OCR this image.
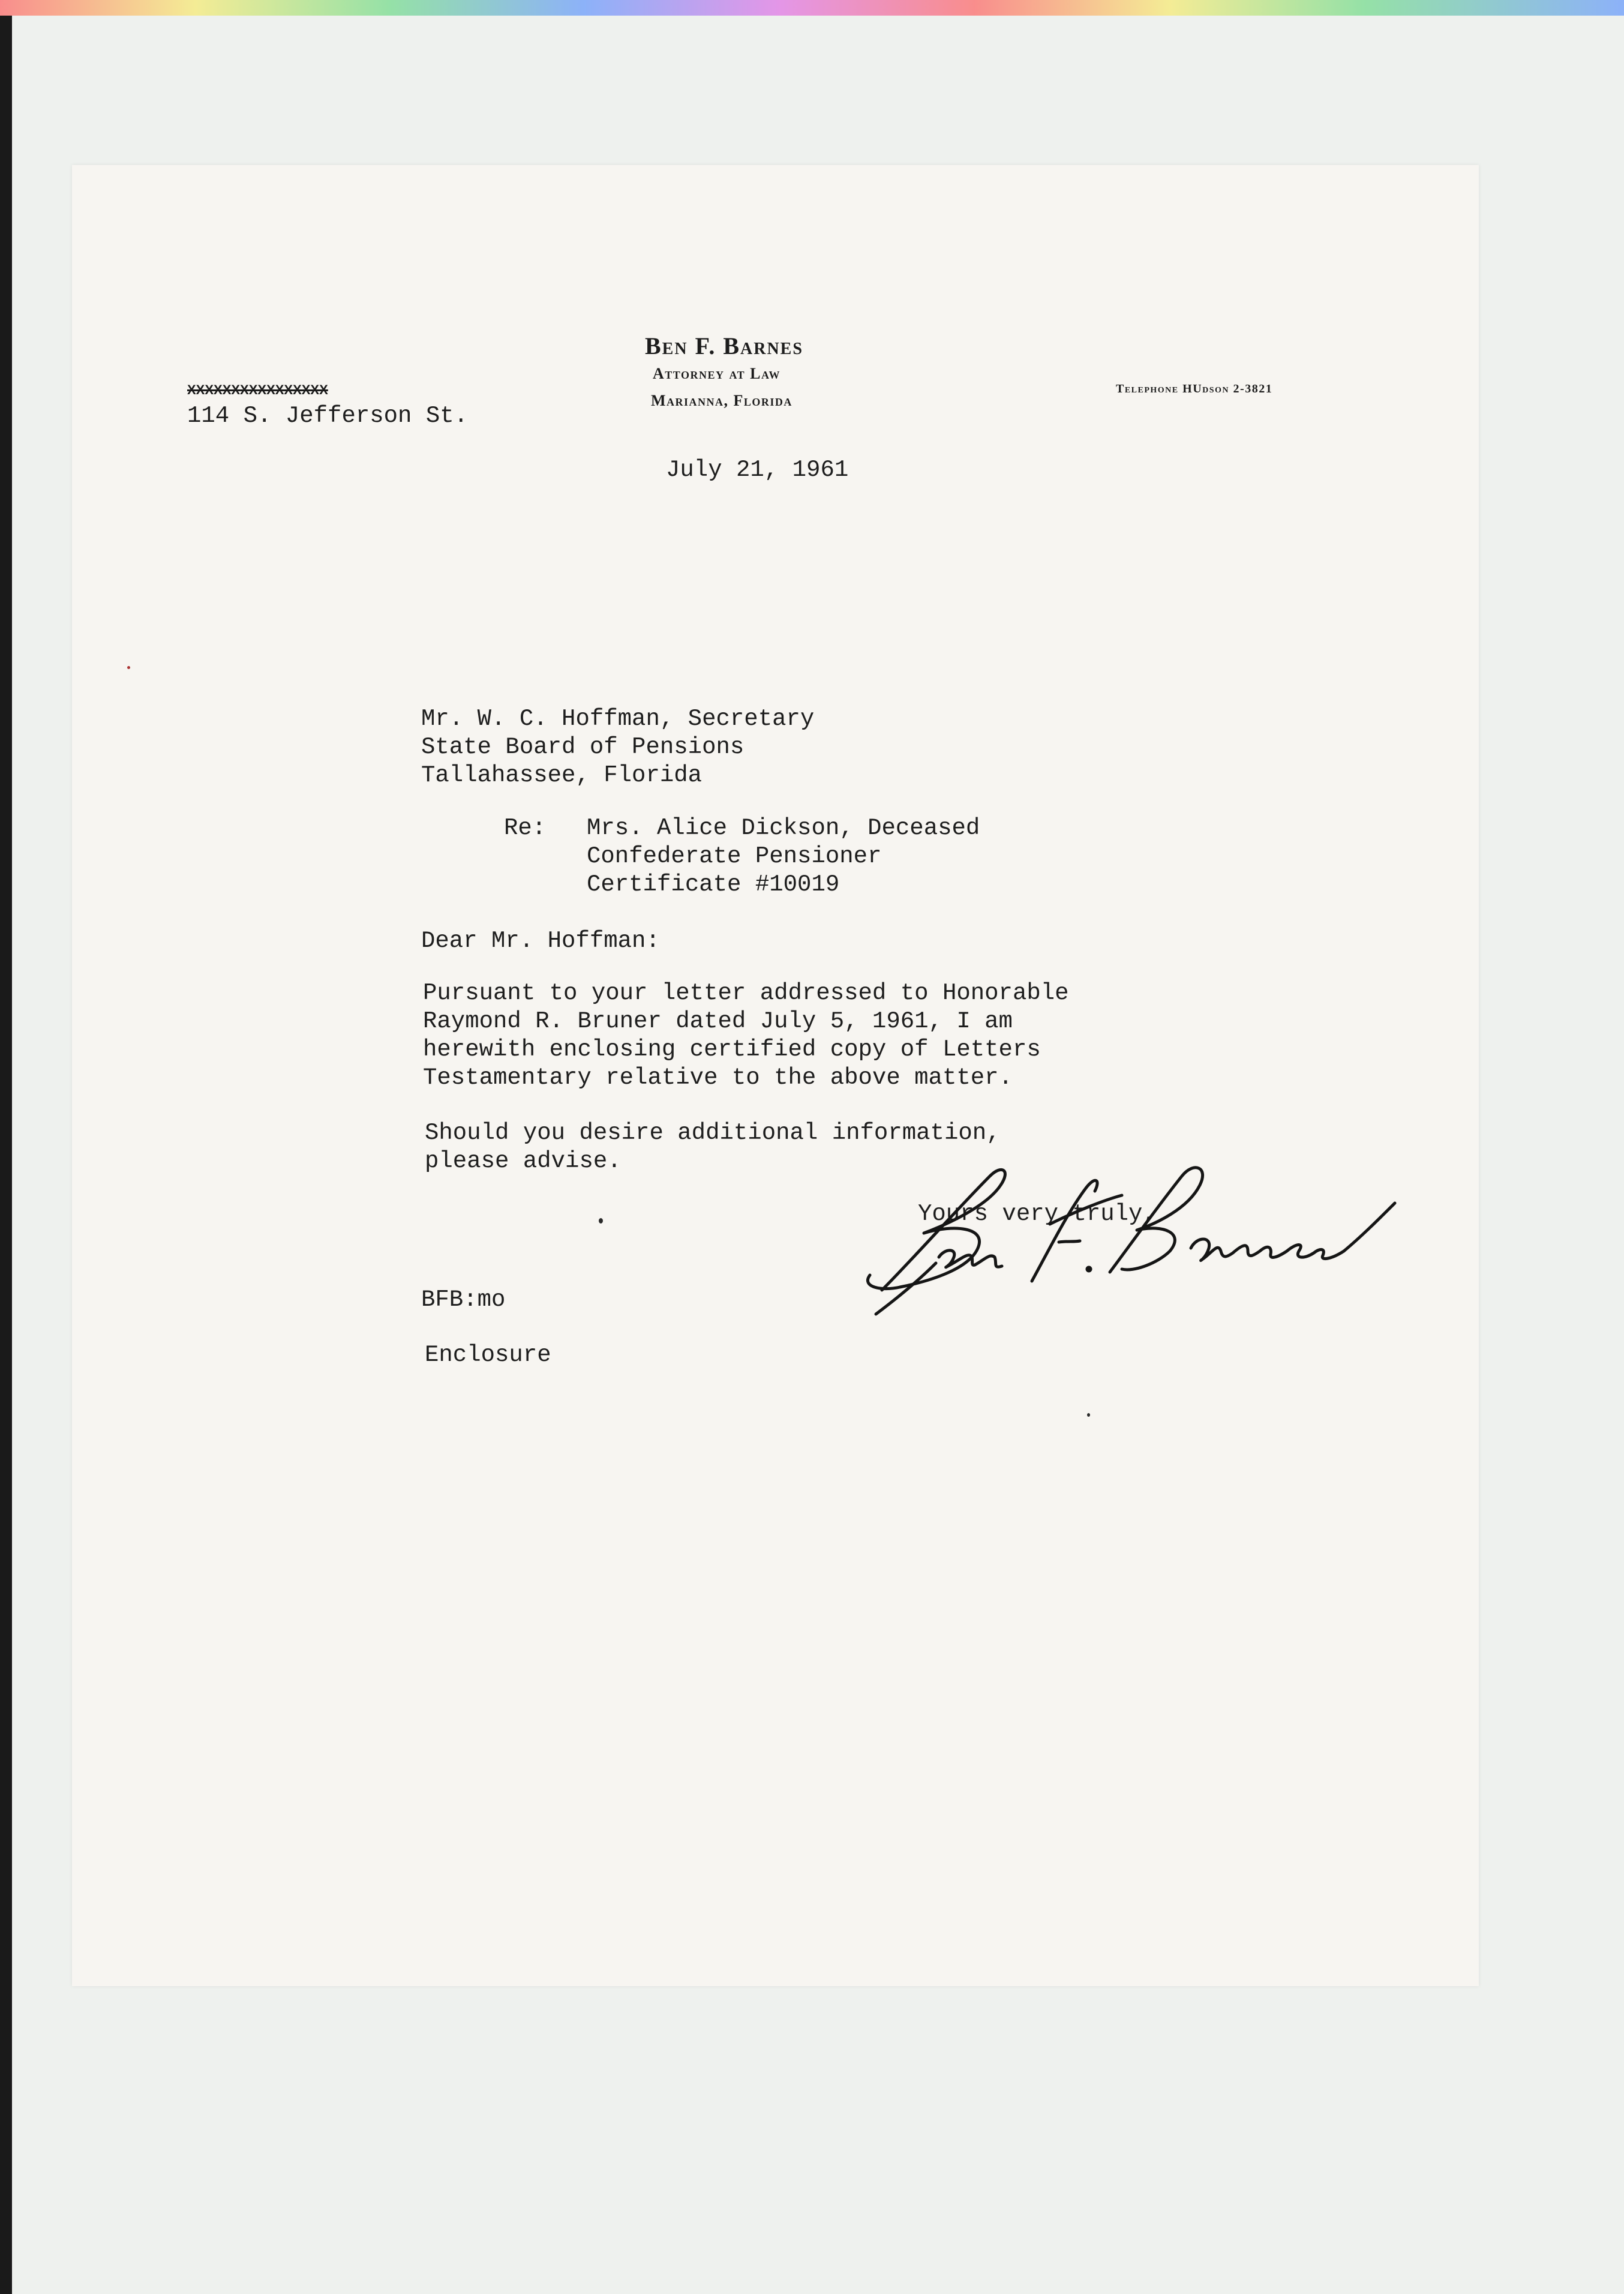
Ben F. Barnes
Attorney at Law
Marianna, Florida
XXXXXXXXXXXXXXXX
114 S. Jefferson St.
Telephone HUdson 2-3821
July 21, 1961
Mr. W. C. Hoffman, Secretary
State Board of Pensions
Tallahassee, Florida
Re: Mrs. Alice Dickson, Deceased
Confederate Pensioner
Certificate #10019
Dear Mr. Hoffman:
Pursuant to your letter addressed to Honorable
Raymond R. Bruner dated July 5, 1961, I am
herewith enclosing certified copy of Letters
Testamentary relative to the above matter.
Should you desire additional information,
please advise.
Yours very truly,
BFB:mo
Enclosure
